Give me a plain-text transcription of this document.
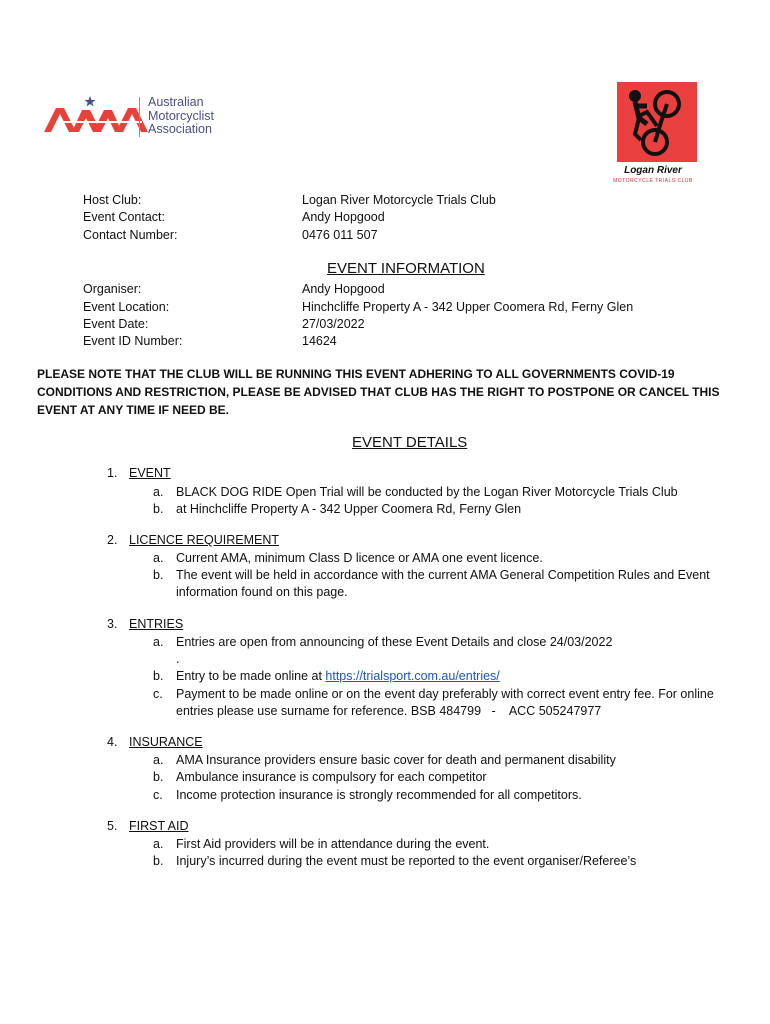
Australian
Motorcyclist
Association
Logan River
MOTORCYCLE TRIALS CLUB
Host Club:	Logan River Motorcycle Trials Club
Event Contact:	Andy Hopgood
Contact Number:	0476 011 507
EVENT INFORMATION
Organiser:	Andy Hopgood
Event Location:	Hinchcliffe Property A - 342 Upper Coomera Rd, Ferny Glen
Event Date:	27/03/2022
Event ID Number:	14624
PLEASE NOTE THAT THE CLUB WILL BE RUNNING THIS EVENT ADHERING TO ALL GOVERNMENTS COVID-19 CONDITIONS AND RESTRICTION, PLEASE BE ADVISED THAT CLUB HAS THE RIGHT TO POSTPONE OR CANCEL THIS EVENT AT ANY TIME IF NEED BE.
EVENT DETAILS
1. EVENT
a.	BLACK DOG RIDE Open Trial will be conducted by the Logan River Motorcycle Trials Club
b.	at Hinchcliffe Property A - 342 Upper Coomera Rd, Ferny Glen
2. LICENCE REQUIREMENT
a.	Current AMA, minimum Class D licence or AMA one event licence.
b.	The event will be held in accordance with the current AMA General Competition Rules and Event information found on this page.
3. ENTRIES
a.	Entries are open from announcing of these Event Details and close 24/03/2022
.
b.	Entry to be made online at https://trialsport.com.au/entries/
c.	Payment to be made online or on the event day preferably with correct event entry fee. For online entries please use surname for reference. BSB 484799   -    ACC 505247977
4. INSURANCE
a.	AMA Insurance providers ensure basic cover for death and permanent disability
b.	Ambulance insurance is compulsory for each competitor
c.	Income protection insurance is strongly recommended for all competitors.
5. FIRST AID
a.	First Aid providers will be in attendance during the event.
b.	Injury’s incurred during the event must be reported to the event organiser/Referee’s
